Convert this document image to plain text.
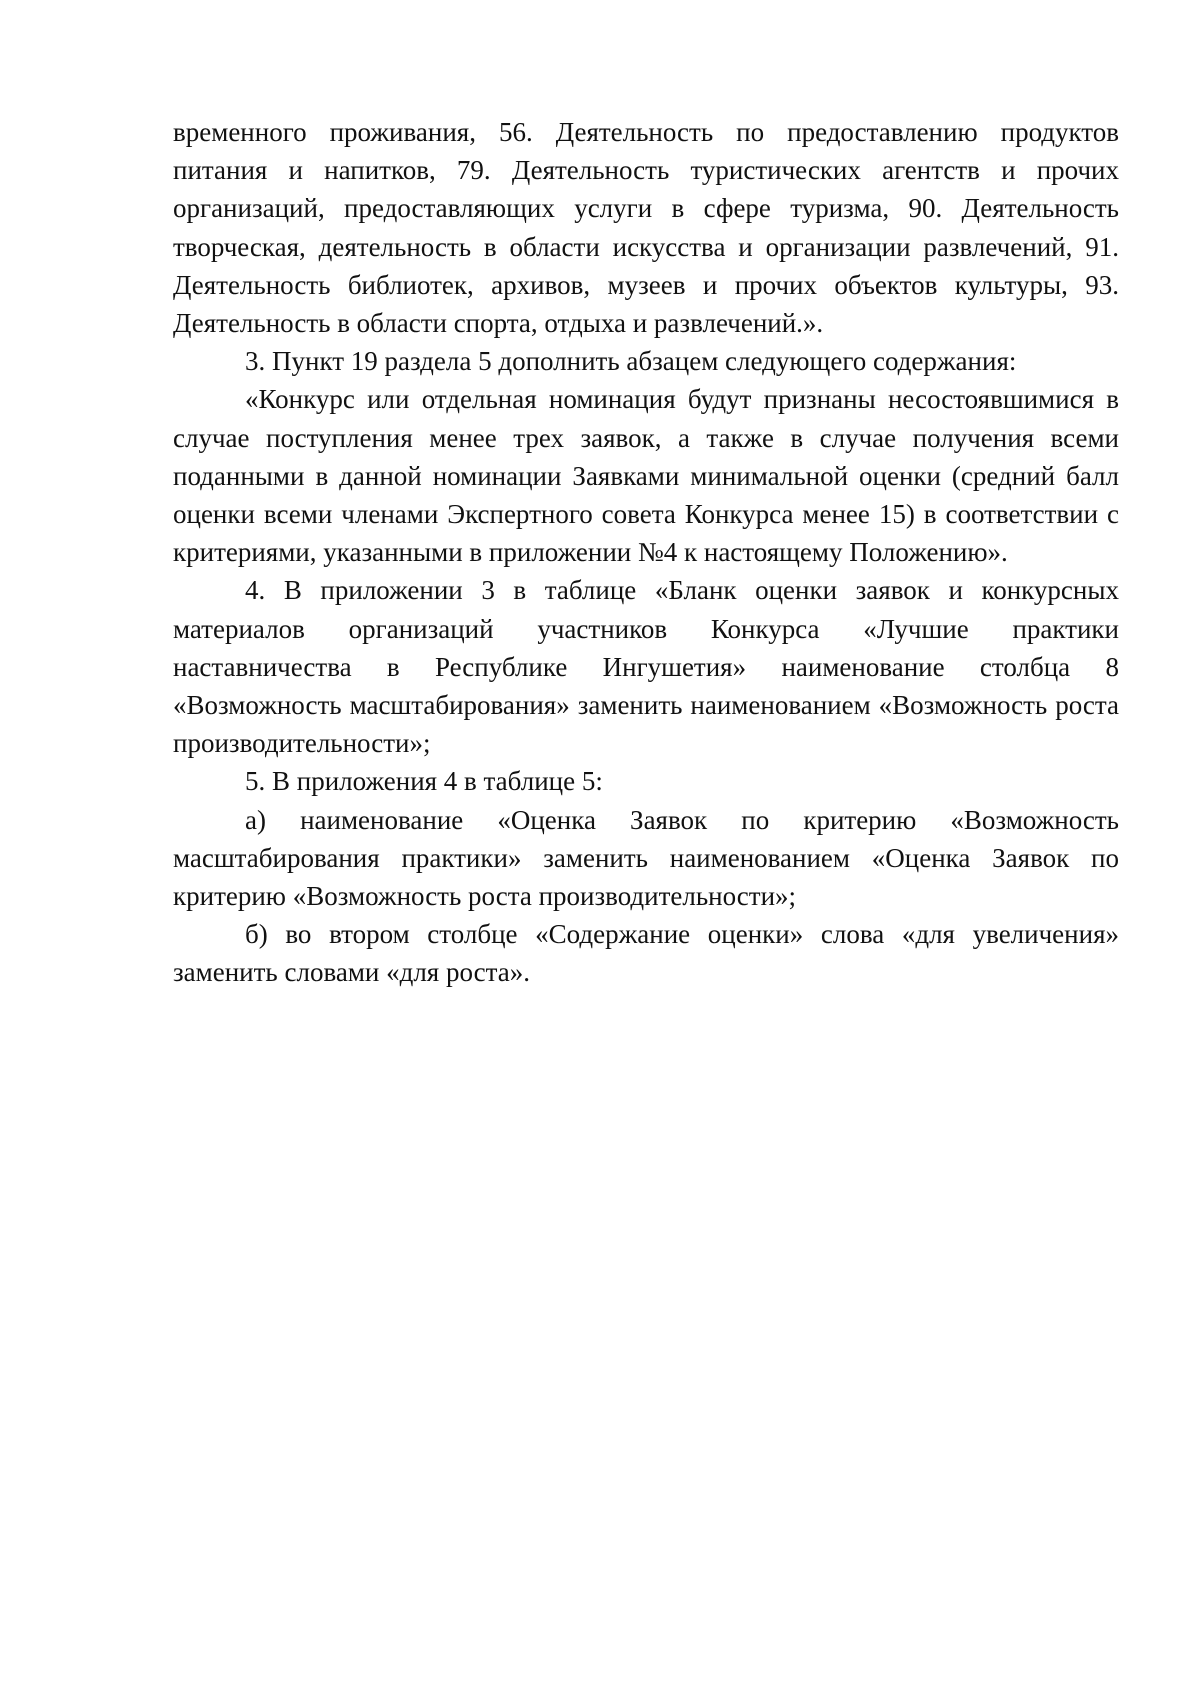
временного проживания, 56. Деятельность по предоставлению продуктов питания и напитков, 79. Деятельность туристических агентств и прочих организаций, предоставляющих услуги в сфере туризма, 90. Деятельность творческая, деятельность в области искусства и организации развлечений, 91. Деятельность библиотек, архивов, музеев и прочих объектов культуры, 93. Деятельность в области спорта, отдыха и развлечений.».

3. Пункт 19 раздела 5 дополнить абзацем следующего содержания:

«Конкурс или отдельная номинация будут признаны несостоявшимися в случае поступления менее трех заявок, а также в случае получения всеми поданными в данной номинации Заявками минимальной оценки (средний балл оценки всеми членами Экспертного совета Конкурса менее 15) в соответствии с критериями, указанными в приложении №4 к настоящему Положению».

4. В приложении 3 в таблице «Бланк оценки заявок и конкурсных материалов организаций участников Конкурса «Лучшие практики наставничества в Республике Ингушетия» наименование столбца 8 «Возможность масштабирования» заменить наименованием «Возможность роста производительности»;

5. В приложения 4 в таблице 5:

а) наименование «Оценка Заявок по критерию «Возможность масштабирования практики» заменить наименованием «Оценка Заявок по критерию «Возможность роста производительности»;

б) во втором столбце «Содержание оценки» слова «для увеличения» заменить словами «для роста».
